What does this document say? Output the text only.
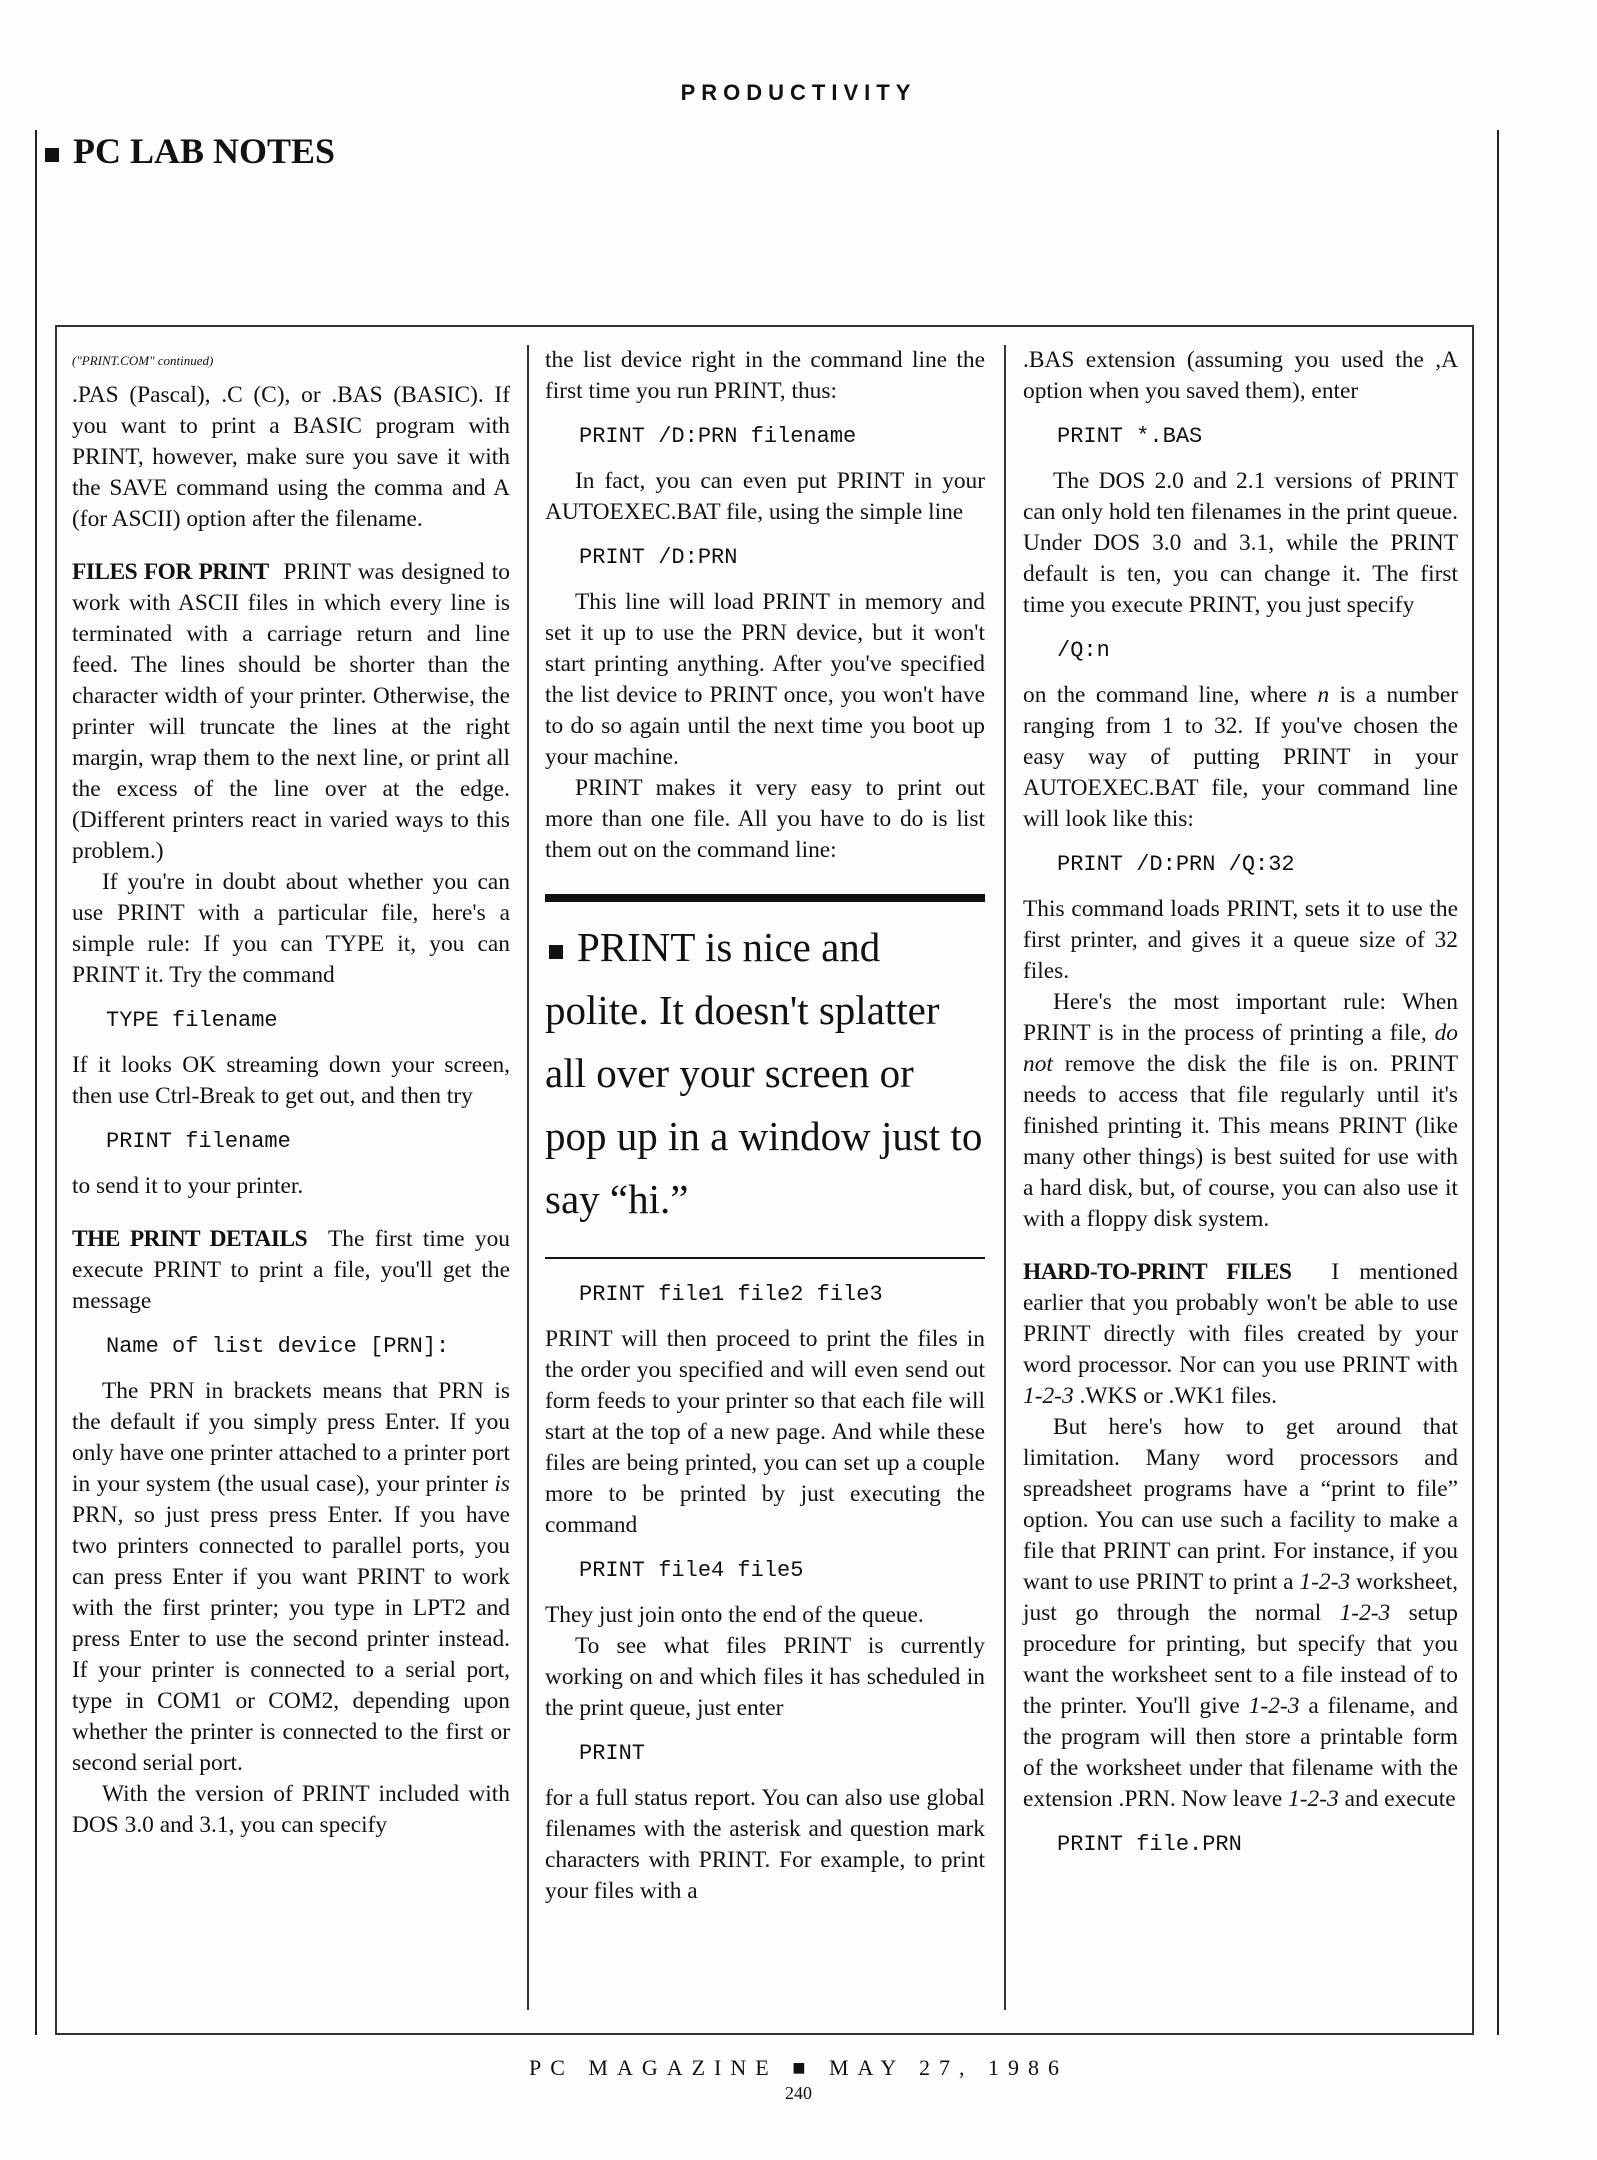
PRODUCTIVITY
PC LAB NOTES
("PRINT.COM" continued)

.PAS (Pascal), .C (C), or .BAS (BASIC). If you want to print a BASIC program with PRINT, however, make sure you save it with the SAVE command using the comma and A (for ASCII) option after the filename.

FILES FOR PRINT PRINT was designed to work with ASCII files in which every line is terminated with a carriage return and line feed. The lines should be shorter than the character width of your printer. Otherwise, the printer will truncate the lines at the right margin, wrap them to the next line, or print all the excess of the line over at the edge. (Different printers react in varied ways to this problem.)

If you're in doubt about whether you can use PRINT with a particular file, here's a simple rule: If you can TYPE it, you can PRINT it. Try the command

TYPE filename

If it looks OK streaming down your screen, then use Ctrl-Break to get out, and then try

PRINT filename

to send it to your printer.

THE PRINT DETAILS The first time you execute PRINT to print a file, you'll get the message

Name of list device [PRN]:

The PRN in brackets means that PRN is the default if you simply press Enter. If you only have one printer attached to a printer port in your system (the usual case), your printer is PRN, so just press press Enter. If you have two printers connected to parallel ports, you can press Enter if you want PRINT to work with the first printer; you type in LPT2 and press Enter to use the second printer instead. If your printer is connected to a serial port, type in COM1 or COM2, depending upon whether the printer is connected to the first or second serial port.

With the version of PRINT included with DOS 3.0 and 3.1, you can specify

the list device right in the command line the first time you run PRINT, thus:

PRINT /D:PRN filename

In fact, you can even put PRINT in your AUTOEXEC.BAT file, using the simple line

PRINT /D:PRN

This line will load PRINT in memory and set it up to use the PRN device, but it won't start printing anything. After you've specified the list device to PRINT once, you won't have to do so again until the next time you boot up your machine.

PRINT makes it very easy to print out more than one file. All you have to do is list them out on the command line:

PRINT is nice and polite. It doesn't splatter all over your screen or pop up in a window just to say “hi.”
PRINT file1 file2 file3

PRINT will then proceed to print the files in the order you specified and will even send out form feeds to your printer so that each file will start at the top of a new page. And while these files are being printed, you can set up a couple more to be printed by just executing the command

PRINT file4 file5

They just join onto the end of the queue.

To see what files PRINT is currently working on and which files it has scheduled in the print queue, just enter

PRINT

for a full status report. You can also use global filenames with the asterisk and question mark characters with PRINT. For example, to print your files with a

.BAS extension (assuming you used the ,A option when you saved them), enter

PRINT *.BAS

The DOS 2.0 and 2.1 versions of PRINT can only hold ten filenames in the print queue. Under DOS 3.0 and 3.1, while the PRINT default is ten, you can change it. The first time you execute PRINT, you just specify

/Q:n

on the command line, where n is a number ranging from 1 to 32. If you've chosen the easy way of putting PRINT in your AUTOEXEC.BAT file, your command line will look like this:

PRINT /D:PRN /Q:32

This command loads PRINT, sets it to use the first printer, and gives it a queue size of 32 files.

Here's the most important rule: When PRINT is in the process of printing a file, do not remove the disk the file is on. PRINT needs to access that file regularly until it's finished printing it. This means PRINT (like many other things) is best suited for use with a hard disk, but, of course, you can also use it with a floppy disk system.

HARD-TO-PRINT FILES I mentioned earlier that you probably won't be able to use PRINT directly with files created by your word processor. Nor can you use PRINT with 1-2-3 .WKS or .WK1 files.

But here's how to get around that limitation. Many word processors and spreadsheet programs have a “print to file” option. You can use such a facility to make a file that PRINT can print. For instance, if you want to use PRINT to print a 1-2-3 worksheet, just go through the normal 1-2-3 setup procedure for printing, but specify that you want the worksheet sent to a file instead of to the printer. You'll give 1-2-3 a filename, and the program will then store a printable form of the worksheet under that filename with the extension .PRN. Now leave 1-2-3 and execute

PRINT file.PRN
PC MAGAZINE ■ MAY 27, 1986
240
